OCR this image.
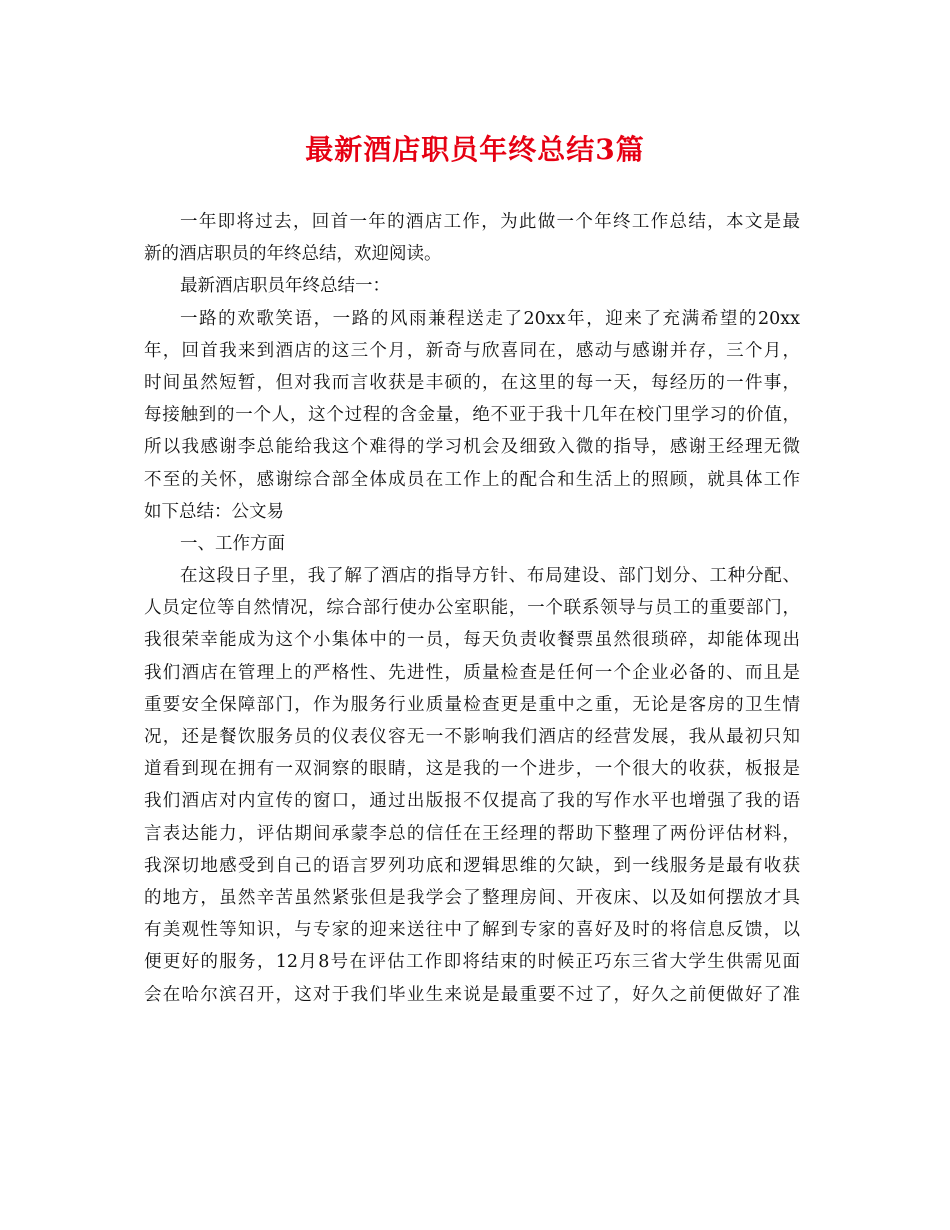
最新酒店职员年终总结3篇
一年即将过去，回首一年的酒店工作，为此做一个年终工作总结，本文是最
新的酒店职员的年终总结，欢迎阅读。
最新酒店职员年终总结一：
一路的欢歌笑语，一路的风雨兼程送走了20xx年，迎来了充满希望的20xx
年，回首我来到酒店的这三个月，新奇与欣喜同在，感动与感谢并存，三个月，
时间虽然短暂，但对我而言收获是丰硕的，在这里的每一天，每经历的一件事，
每接触到的一个人，这个过程的含金量，绝不亚于我十几年在校门里学习的价值，
所以我感谢李总能给我这个难得的学习机会及细致入微的指导，感谢王经理无微
不至的关怀，感谢综合部全体成员在工作上的配合和生活上的照顾，就具体工作
如下总结：公文易
一、工作方面
在这段日子里，我了解了酒店的指导方针、布局建设、部门划分、工种分配、
人员定位等自然情况，综合部行使办公室职能，一个联系领导与员工的重要部门，
我很荣幸能成为这个小集体中的一员，每天负责收餐票虽然很琐碎，却能体现出
我们酒店在管理上的严格性、先进性，质量检查是任何一个企业必备的、而且是
重要安全保障部门，作为服务行业质量检查更是重中之重，无论是客房的卫生情
况，还是餐饮服务员的仪表仪容无一不影响我们酒店的经营发展，我从最初只知
道看到现在拥有一双洞察的眼睛，这是我的一个进步，一个很大的收获，板报是
我们酒店对内宣传的窗口，通过出版报不仅提高了我的写作水平也增强了我的语
言表达能力，评估期间承蒙李总的信任在王经理的帮助下整理了两份评估材料，
我深切地感受到自己的语言罗列功底和逻辑思维的欠缺，到一线服务是最有收获
的地方，虽然辛苦虽然紧张但是我学会了整理房间、开夜床、以及如何摆放才具
有美观性等知识，与专家的迎来送往中了解到专家的喜好及时的将信息反馈，以
便更好的服务，12月8号在评估工作即将结束的时候正巧东三省大学生供需见面
会在哈尔滨召开，这对于我们毕业生来说是最重要不过了，好久之前便做好了准
